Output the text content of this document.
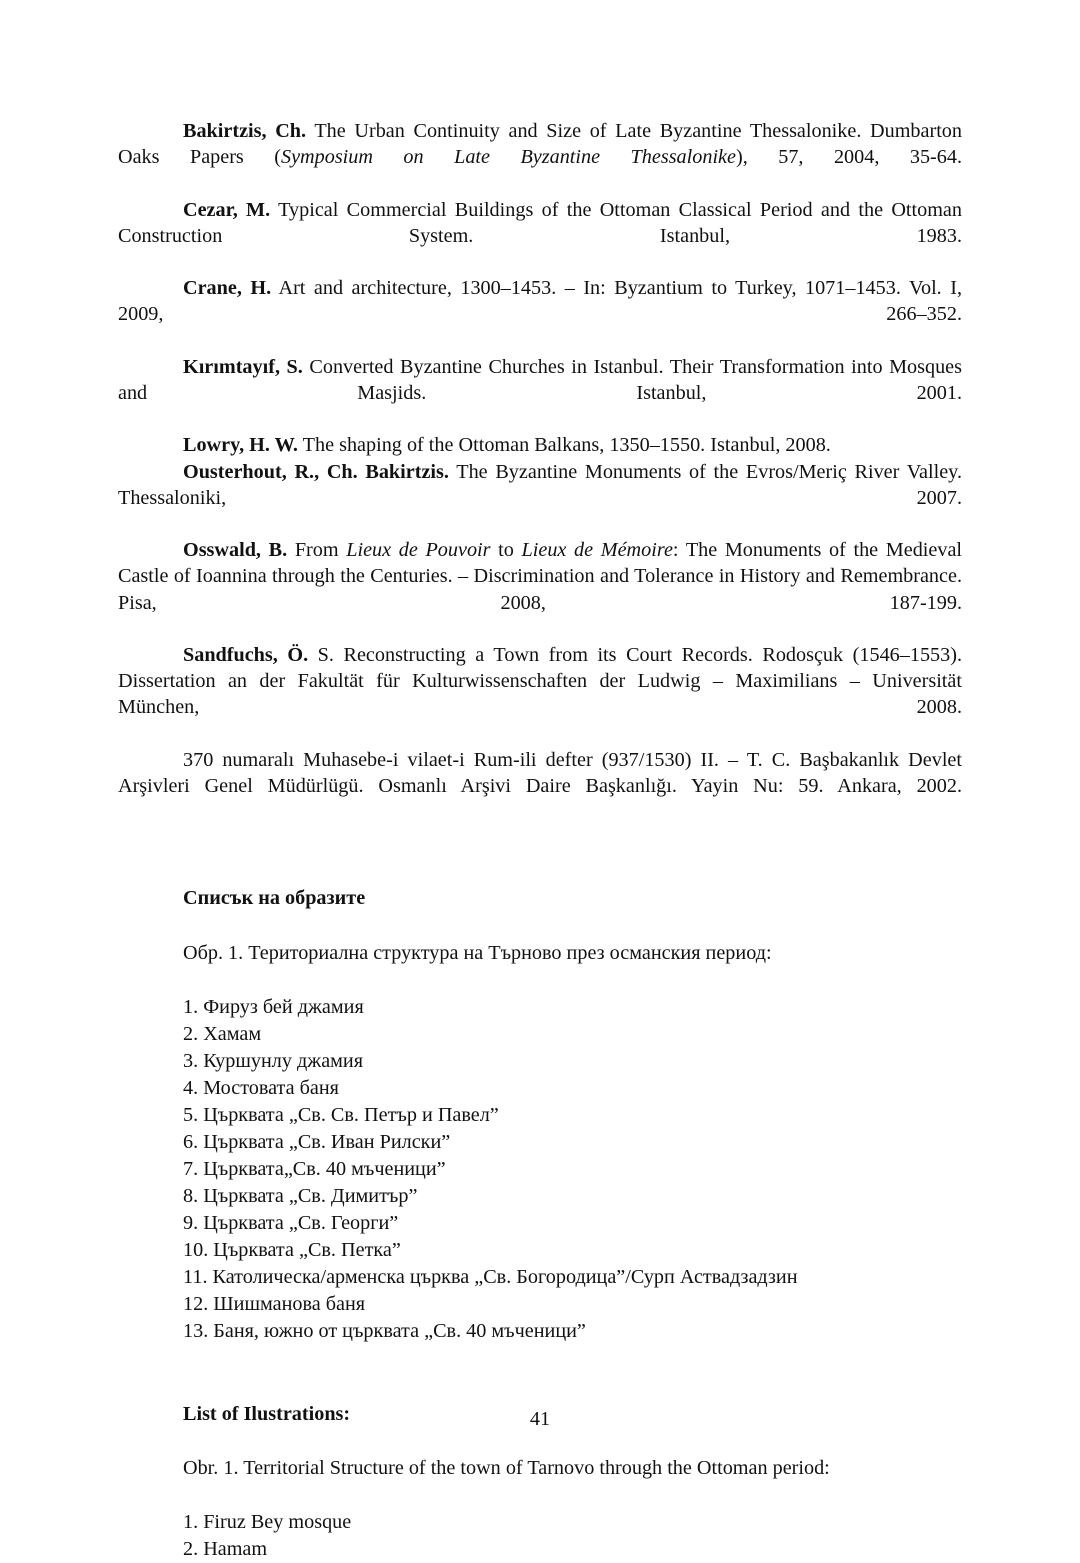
Bakirtzis, Ch. The Urban Continuity and Size of Late Byzantine Thessalonike. Dumbarton Oaks Papers (Symposium on Late Byzantine Thessalonike), 57, 2004, 35-64.

Cezar, M. Typical Commercial Buildings of the Ottoman Classical Period and the Ottoman Construction System. Istanbul, 1983.

Crane, H. Art and architecture, 1300–1453. – In: Byzantium to Turkey, 1071–1453. Vol. I, 2009, 266–352.

Kırımtayıf, S. Converted Byzantine Churches in Istanbul. Their Transformation into Mosques and Masjids. Istanbul, 2001.

Lowry, H. W. The shaping of the Ottoman Balkans, 1350–1550. Istanbul, 2008.

Ousterhout, R., Ch. Bakirtzis. The Byzantine Monuments of the Evros/Meriç River Valley. Thessaloniki, 2007.

Osswald, B. From Lieux de Pouvoir to Lieux de Mémoire: The Monuments of the Medieval Castle of Ioannina through the Centuries. – Discrimination and Tolerance in History and Remembrance. Pisa, 2008, 187-199.

Sandfuchs, Ö. S. Reconstructing a Town from its Court Records. Rodosçuk (1546–1553). Dissertation an der Fakultät für Kulturwissenschaften der Ludwig – Maximilians – Universität München, 2008.

370 numaralı Muhasebe-i vilaet-i Rum-ili defter (937/1530) II. – T. C. Başbakanlık Devlet Arşivleri Genel Müdürlügü. Osmanlı Arşivi Daire Başkanlığı. Yayin Nu: 59. Ankara, 2002.

Списък на образите

Обр. 1. Териториална структура на Търново през османския период:

1. Фируз бей джамия
2. Хамам
3. Куршунлу джамия
4. Мостовата баня
5. Църквата „Св. Св. Петър и Павел”
6. Църквата „Св. Иван Рилски”
7. Църквата„Св. 40 мъченици”
8. Църквата „Св. Димитър”
9. Църквата „Св. Георги”
10. Църквата „Св. Петка”
11. Католическа/арменска църква „Св. Богородица”/Сурп Аствадзадзин
12. Шишманова баня
13. Баня, южно от църквата „Св. 40 мъченици”

List of Ilustrations:

Obr. 1. Territorial Structure of the town of Tarnovo through the Ottoman period:

1. Firuz Bey mosque
2. Hamam
41
